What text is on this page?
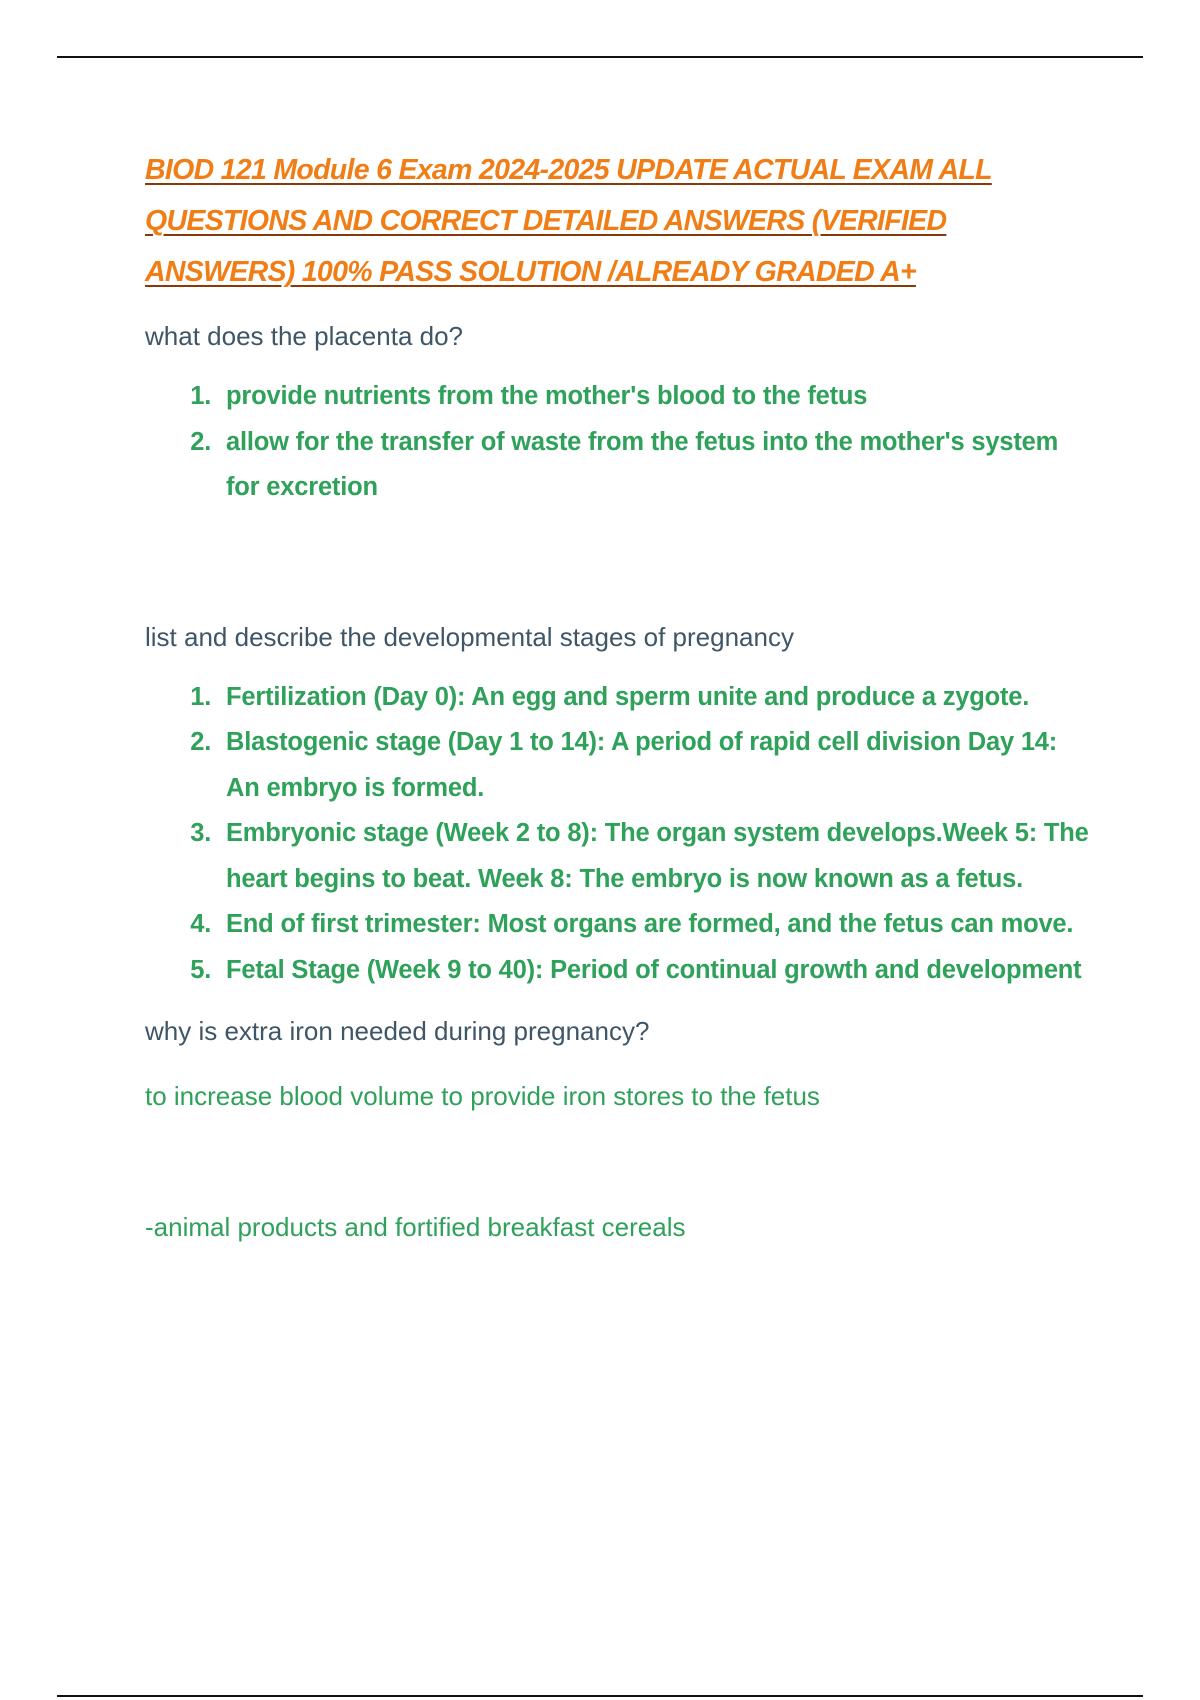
BIOD 121 Module 6 Exam 2024-2025 UPDATE ACTUAL EXAM ALL QUESTIONS AND CORRECT DETAILED ANSWERS (VERIFIED ANSWERS) 100% PASS SOLUTION /ALREADY GRADED A+

what does the placenta do?

1. provide nutrients from the mother's blood to the fetus
2. allow for the transfer of waste from the fetus into the mother's system for excretion

list and describe the developmental stages of pregnancy

1. Fertilization (Day 0): An egg and sperm unite and produce a zygote.
2. Blastogenic stage (Day 1 to 14): A period of rapid cell division Day 14: An embryo is formed.
3. Embryonic stage (Week 2 to 8): The organ system develops.Week 5: The heart begins to beat. Week 8: The embryo is now known as a fetus.
4. End of first trimester: Most organs are formed, and the fetus can move.
5. Fetal Stage (Week 9 to 40): Period of continual growth and development

why is extra iron needed during pregnancy?

to increase blood volume to provide iron stores to the fetus

-animal products and fortified breakfast cereals
